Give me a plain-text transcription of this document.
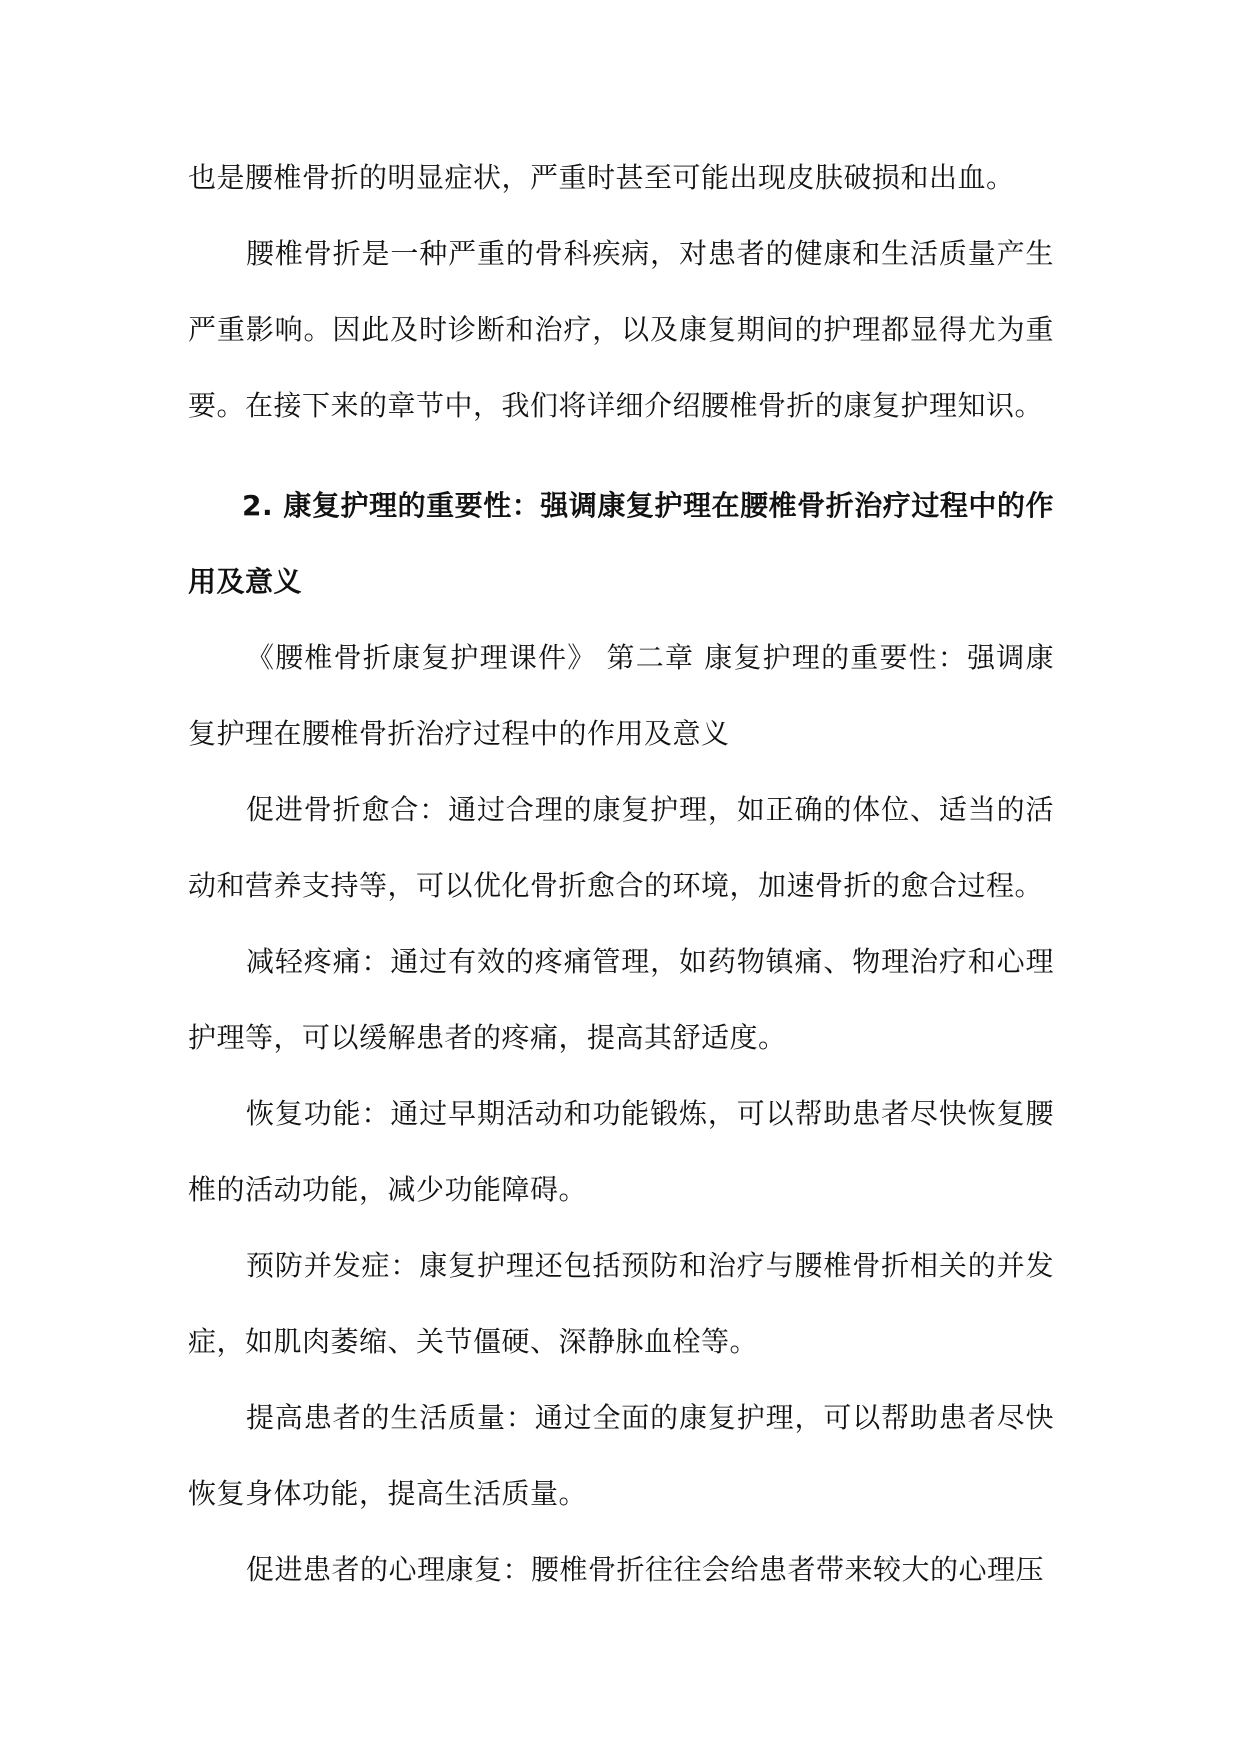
也是腰椎骨折的明显症状，严重时甚至可能出现皮肤破损和出血。

腰椎骨折是一种严重的骨科疾病，对患者的健康和生活质量产生严重影响。因此及时诊断和治疗，以及康复期间的护理都显得尤为重要。在接下来的章节中，我们将详细介绍腰椎骨折的康复护理知识。

2. 康复护理的重要性：强调康复护理在腰椎骨折治疗过程中的作用及意义

《腰椎骨折康复护理课件》 第二章 康复护理的重要性：强调康复护理在腰椎骨折治疗过程中的作用及意义

促进骨折愈合：通过合理的康复护理，如正确的体位、适当的活动和营养支持等，可以优化骨折愈合的环境，加速骨折的愈合过程。

减轻疼痛：通过有效的疼痛管理，如药物镇痛、物理治疗和心理护理等，可以缓解患者的疼痛，提高其舒适度。

恢复功能：通过早期活动和功能锻炼，可以帮助患者尽快恢复腰椎的活动功能，减少功能障碍。

预防并发症：康复护理还包括预防和治疗与腰椎骨折相关的并发症，如肌肉萎缩、关节僵硬、深静脉血栓等。

提高患者的生活质量：通过全面的康复护理，可以帮助患者尽快恢复身体功能，提高生活质量。

促进患者的心理康复：腰椎骨折往往会给患者带来较大的心理压
